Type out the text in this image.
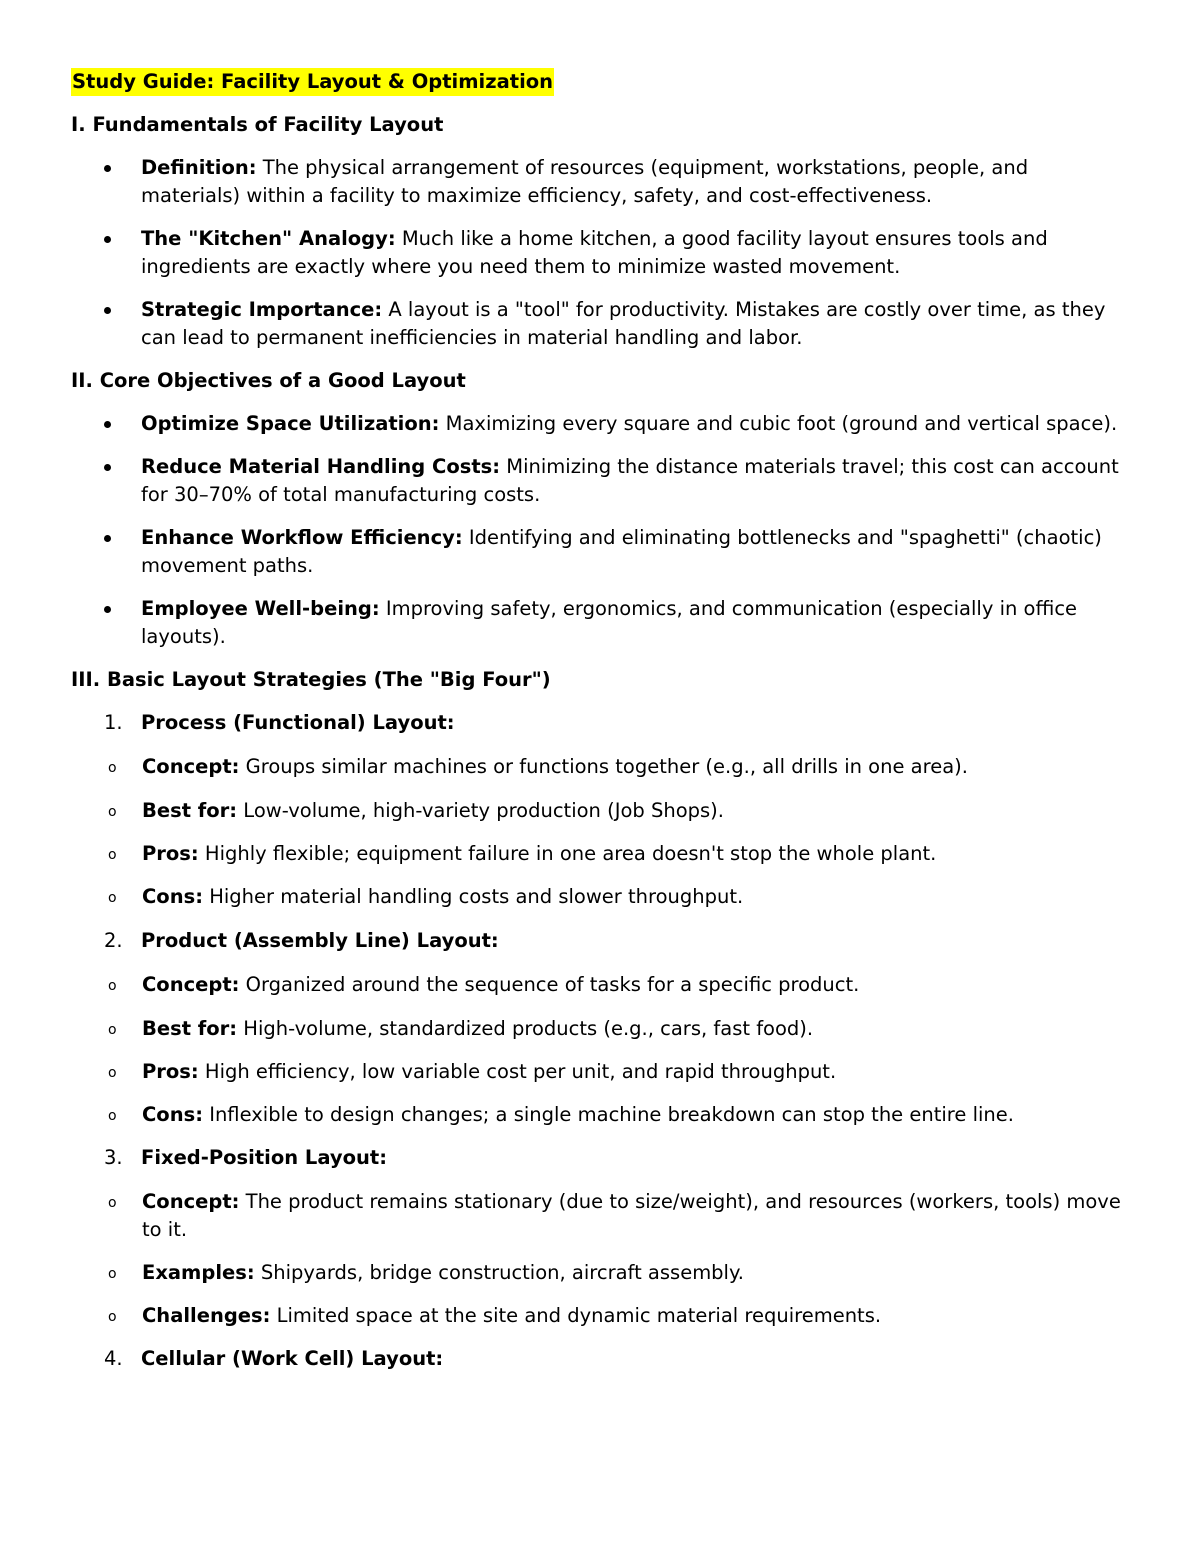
Study Guide: Facility Layout & Optimization
I. Fundamentals of Facility Layout
Definition: The physical arrangement of resources (equipment, workstations, people, and materials) within a facility to maximize efficiency, safety, and cost-effectiveness.
The "Kitchen" Analogy: Much like a home kitchen, a good facility layout ensures tools and ingredients are exactly where you need them to minimize wasted movement.
Strategic Importance: A layout is a "tool" for productivity. Mistakes are costly over time, as they can lead to permanent inefficiencies in material handling and labor.
II. Core Objectives of a Good Layout
Optimize Space Utilization: Maximizing every square and cubic foot (ground and vertical space).
Reduce Material Handling Costs: Minimizing the distance materials travel; this cost can account for 30–70% of total manufacturing costs.
Enhance Workflow Efficiency: Identifying and eliminating bottlenecks and "spaghetti" (chaotic) movement paths.
Employee Well-being: Improving safety, ergonomics, and communication (especially in office layouts).
III. Basic Layout Strategies (The "Big Four")
1. Process (Functional) Layout:
o Concept: Groups similar machines or functions together (e.g., all drills in one area).
o Best for: Low-volume, high-variety production (Job Shops).
o Pros: Highly flexible; equipment failure in one area doesn't stop the whole plant.
o Cons: Higher material handling costs and slower throughput.
2. Product (Assembly Line) Layout:
o Concept: Organized around the sequence of tasks for a specific product.
o Best for: High-volume, standardized products (e.g., cars, fast food).
o Pros: High efficiency, low variable cost per unit, and rapid throughput.
o Cons: Inflexible to design changes; a single machine breakdown can stop the entire line.
3. Fixed-Position Layout:
o Concept: The product remains stationary (due to size/weight), and resources (workers, tools) move to it.
o Examples: Shipyards, bridge construction, aircraft assembly.
o Challenges: Limited space at the site and dynamic material requirements.
4. Cellular (Work Cell) Layout:
